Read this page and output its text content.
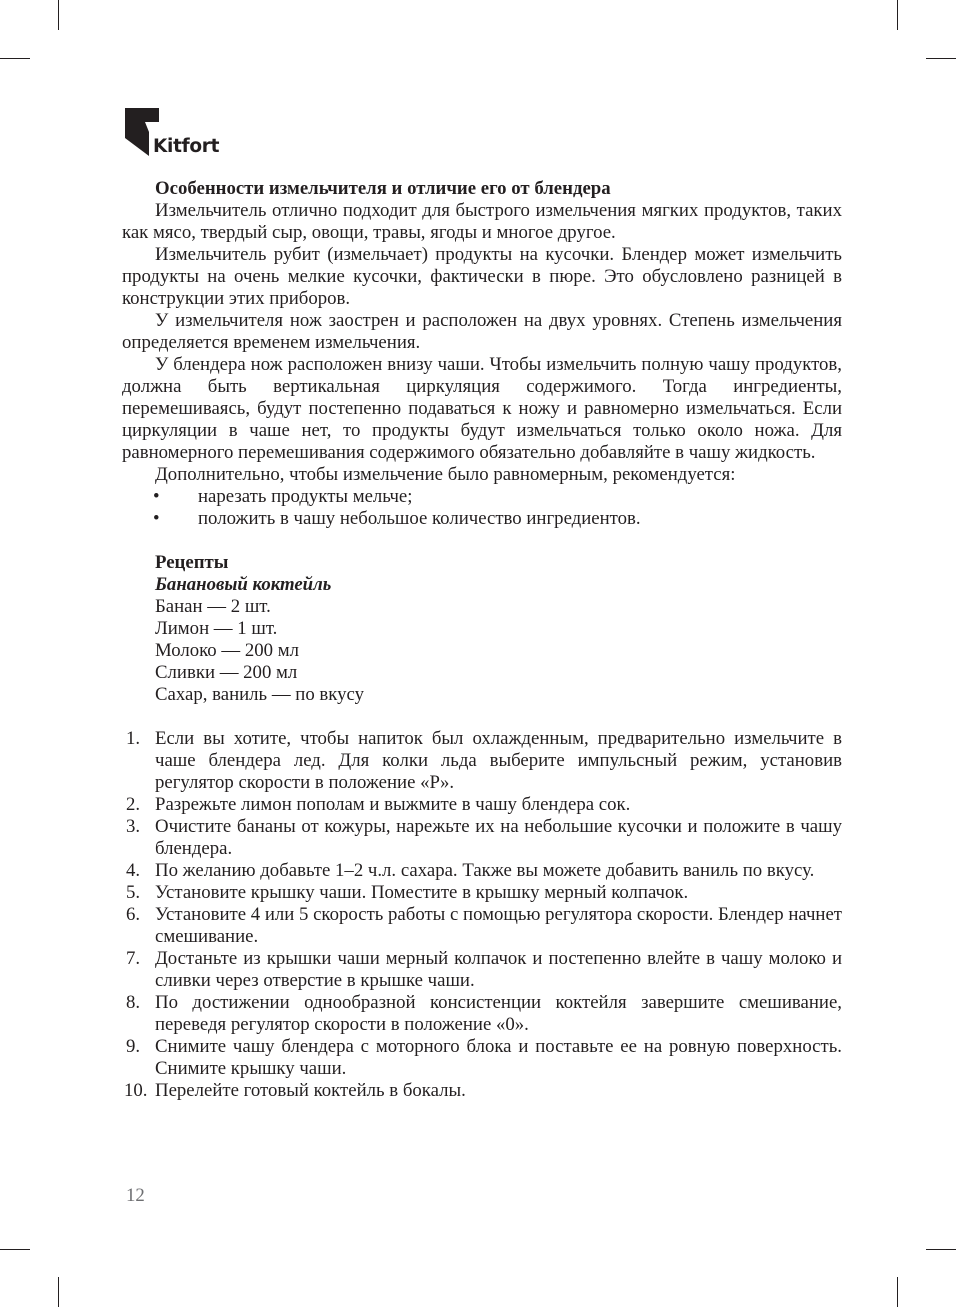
Kitfort

Особенности измельчителя и отличие его от блендера

Измельчитель отлично подходит для быстрого измельчения мягких продуктов, таких как мясо, твердый сыр, овощи, травы, ягоды и многое другое.

Измельчитель рубит (измельчает) продукты на кусочки. Блендер может измельчить продукты на очень мелкие кусочки, фактически в пюре. Это обусловлено разницей в конструкции этих приборов.

У измельчителя нож заострен и расположен на двух уровнях. Степень измельчения определяется временем измельчения.

У блендера нож расположен внизу чаши. Чтобы измельчить полную чашу продуктов, должна быть вертикальная циркуляция содержимого. Тогда ингредиенты, перемешиваясь, будут постепенно подаваться к ножу и равномерно измельчаться. Если циркуляции в чаше нет, то продукты будут измельчаться только около ножа. Для равномерного перемешивания содержимого обязательно добавляйте в чашу жидкость.

Дополнительно, чтобы измельчение было равномерным, рекомендуется:

• нарезать продукты мельче;
• положить в чашу небольшое количество ингредиентов.

Рецепты

Банановый коктейль

Банан — 2 шт.

Лимон — 1 шт.

Молоко — 200 мл

Сливки — 200 мл

Сахар, ваниль — по вкусу

1. Если вы хотите, чтобы напиток был охлажденным, предварительно измельчите в чаше блендера лед. Для колки льда выберите импульсный режим, установив регулятор скорости в положение «P».
2. Разрежьте лимон пополам и выжмите в чашу блендера сок.
3. Очистите бананы от кожуры, нарежьте их на небольшие кусочки и положите в чашу блендера.
4. По желанию добавьте 1–2 ч.л. сахара. Также вы можете добавить ваниль по вкусу.
5. Установите крышку чаши. Поместите в крышку мерный колпачок.
6. Установите 4 или 5 скорость работы с помощью регулятора скорости. Блендер начнет смешивание.
7. Достаньте из крышки чаши мерный колпачок и постепенно влейте в чашу молоко и сливки через отверстие в крышке чаши.
8. По достижении однообразной консистенции коктейля завершите смешивание, переведя регулятор скорости в положение «0».
9. Снимите чашу блендера с моторного блока и поставьте ее на ровную поверхность. Снимите крышку чаши.
10. Перелейте готовый коктейль в бокалы.
12
